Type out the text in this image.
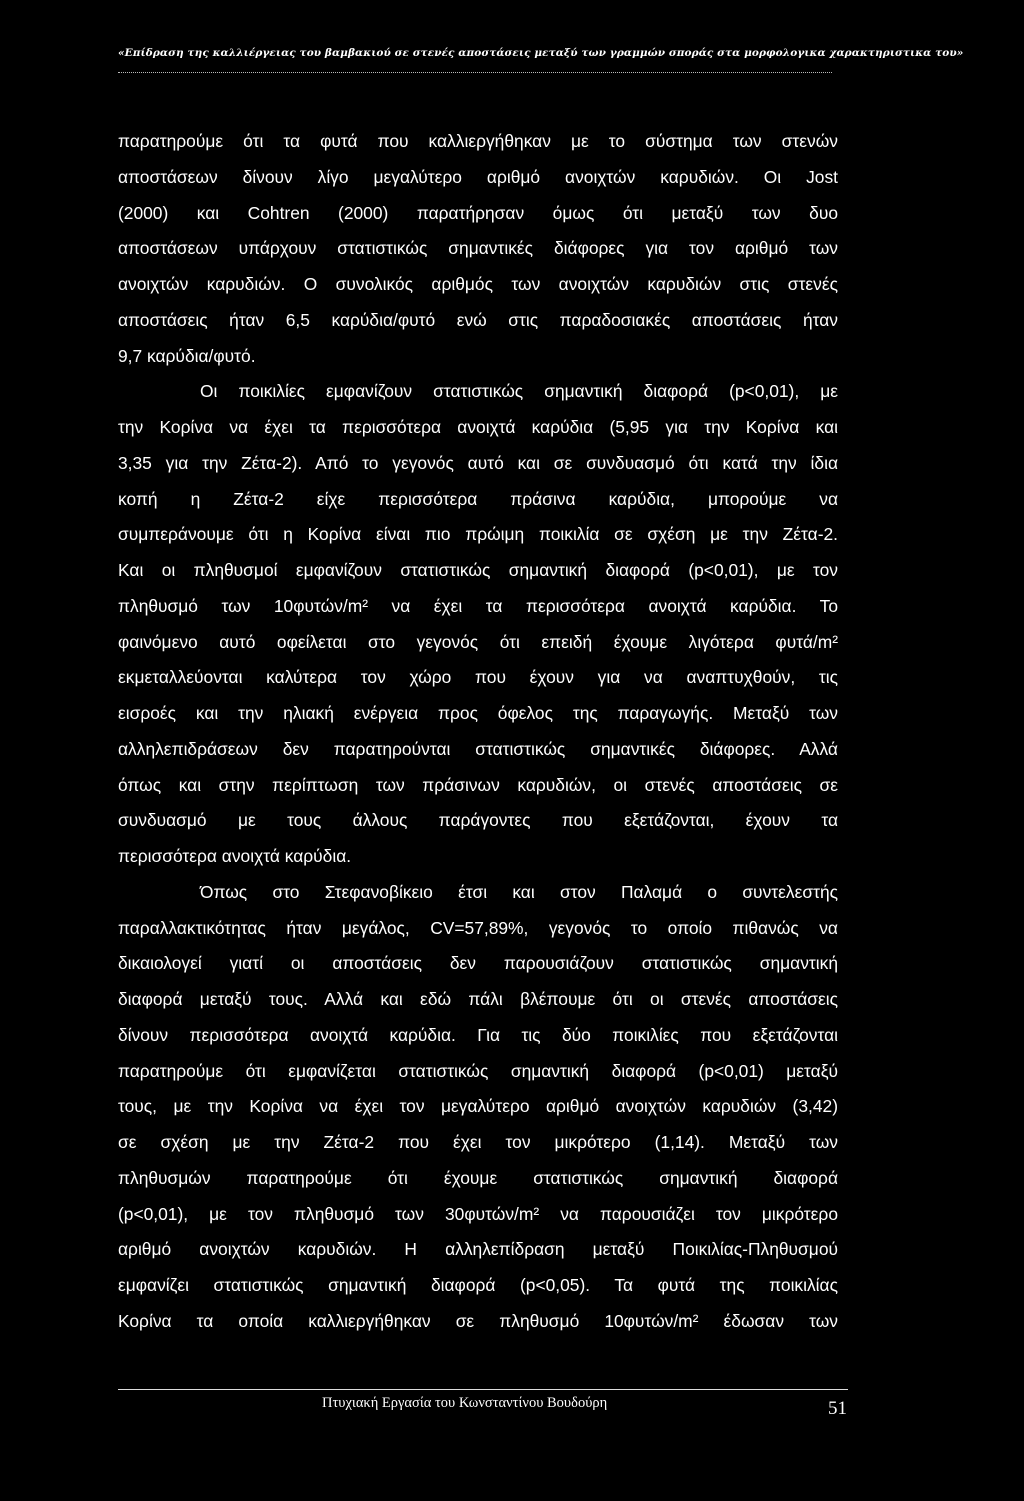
«Επίδραση της καλλιέργειας του βαμβακιού σε στενές αποστάσεις μεταξύ των γραμμών σποράς στα μορφολογικα χαρακτηριστικα του»
παρατηρούμε ότι τα φυτά που καλλιεργήθηκαν με το σύστημα των στενών
αποστάσεων δίνουν λίγο μεγαλύτερο αριθμό ανοιχτών καρυδιών. Οι Jost
(2000) και Cohtren (2000) παρατήρησαν όμως ότι μεταξύ των δυο
αποστάσεων υπάρχουν στατιστικώς σημαντικές διάφορες για τον αριθμό των
ανοιχτών καρυδιών. Ο συνολικός αριθμός των ανοιχτών καρυδιών στις στενές
αποστάσεις ήταν 6,5 καρύδια/φυτό ενώ στις παραδοσιακές αποστάσεις ήταν
9,7 καρύδια/φυτό.
Οι ποικιλίες εμφανίζουν στατιστικώς σημαντική διαφορά (p<0,01), με
την Κορίνα να έχει τα περισσότερα ανοιχτά καρύδια (5,95 για την Κορίνα και
3,35 για την Ζέτα-2). Από το γεγονός αυτό και σε συνδυασμό ότι κατά την ίδια
κοπή η Ζέτα-2 είχε περισσότερα πράσινα καρύδια, μπορούμε να
συμπεράνουμε ότι η Κορίνα είναι πιο πρώιμη ποικιλία σε σχέση με την Ζέτα-2.
Και οι πληθυσμοί εμφανίζουν στατιστικώς σημαντική διαφορά (p<0,01), με τον
πληθυσμό των 10φυτών/m² να έχει τα περισσότερα ανοιχτά καρύδια. Το
φαινόμενο αυτό οφείλεται στο γεγονός ότι επειδή έχουμε λιγότερα φυτά/m²
εκμεταλλεύονται καλύτερα τον χώρο που έχουν για να αναπτυχθούν, τις
εισροές και την ηλιακή ενέργεια προς όφελος της παραγωγής. Μεταξύ των
αλληλεπιδράσεων δεν παρατηρούνται στατιστικώς σημαντικές διάφορες. Αλλά
όπως και στην περίπτωση των πράσινων καρυδιών, οι στενές αποστάσεις σε
συνδυασμό με τους άλλους παράγοντες που εξετάζονται, έχουν τα
περισσότερα ανοιχτά καρύδια.
Όπως στο Στεφανοβίκειο έτσι και στον Παλαμά ο συντελεστής
παραλλακτικότητας ήταν μεγάλος, CV=57,89%, γεγονός το οποίο πιθανώς να
δικαιολογεί γιατί οι αποστάσεις δεν παρουσιάζουν στατιστικώς σημαντική
διαφορά μεταξύ τους. Αλλά και εδώ πάλι βλέπουμε ότι οι στενές αποστάσεις
δίνουν περισσότερα ανοιχτά καρύδια. Για τις δύο ποικιλίες που εξετάζονται
παρατηρούμε ότι εμφανίζεται στατιστικώς σημαντική διαφορά (p<0,01) μεταξύ
τους, με την Κορίνα να έχει τον μεγαλύτερο αριθμό ανοιχτών καρυδιών (3,42)
σε σχέση με την Ζέτα-2 που έχει τον μικρότερο (1,14). Μεταξύ των
πληθυσμών παρατηρούμε ότι έχουμε στατιστικώς σημαντική διαφορά
(p<0,01), με τον πληθυσμό των 30φυτών/m² να παρουσιάζει τον μικρότερο
αριθμό ανοιχτών καρυδιών. Η αλληλεπίδραση μεταξύ Ποικιλίας-Πληθυσμού
εμφανίζει στατιστικώς σημαντική διαφορά (p<0,05). Τα φυτά της ποικιλίας
Κορίνα τα οποία καλλιεργήθηκαν σε πληθυσμό 10φυτών/m² έδωσαν των
Πτυχιακή Εργασία του Κωνσταντίνου Βουδούρη	51
